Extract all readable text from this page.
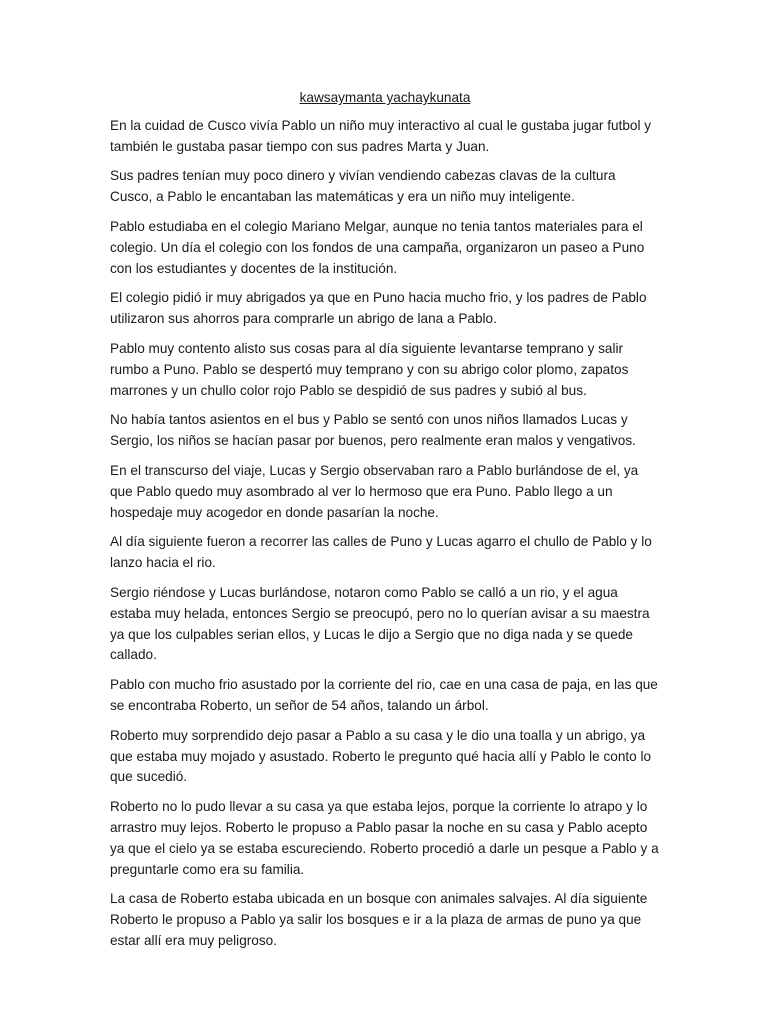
kawsaymanta yachaykunata

En la cuidad de Cusco vivía Pablo un niño muy interactivo al cual le gustaba jugar futbol y también le gustaba pasar tiempo con sus padres Marta y Juan.

Sus padres tenían muy poco dinero y vivían vendiendo cabezas clavas de la cultura Cusco, a Pablo le encantaban las matemáticas y era un niño muy inteligente.

Pablo estudiaba en el colegio Mariano Melgar, aunque no tenia tantos materiales para el colegio. Un día el colegio con los fondos de una campaña, organizaron un paseo a Puno con los estudiantes y docentes de la institución.

El colegio pidió ir muy abrigados ya que en Puno hacia mucho frio, y los padres de Pablo utilizaron sus ahorros para comprarle un abrigo de lana a Pablo.

Pablo muy contento alisto sus cosas para al día siguiente levantarse temprano y salir rumbo a Puno. Pablo se despertó muy temprano y con su abrigo color plomo, zapatos marrones y un chullo color rojo Pablo se despidió de sus padres y subió al bus.

No había tantos asientos en el bus y Pablo se sentó con unos niños llamados Lucas y Sergio, los niños se hacían pasar por buenos, pero realmente eran malos y vengativos.

En el transcurso del viaje, Lucas y Sergio observaban raro a Pablo burlándose de el, ya que Pablo quedo muy asombrado al ver lo hermoso que era Puno. Pablo llego a un hospedaje muy acogedor en donde pasarían la noche.

Al día siguiente fueron a recorrer las calles de Puno y Lucas agarro el chullo de Pablo y lo lanzo hacia el rio.

Sergio riéndose y Lucas burlándose, notaron como Pablo se calló a un rio, y el agua estaba muy helada, entonces Sergio se preocupó, pero no lo querían avisar a su maestra ya que los culpables serian ellos, y Lucas le dijo a Sergio que no diga nada y se quede callado.

Pablo con mucho frio asustado por la corriente del rio, cae en una casa de paja, en las que se encontraba Roberto, un señor de 54 años, talando un árbol.

Roberto muy sorprendido dejo pasar a Pablo a su casa y le dio una toalla y un abrigo, ya que estaba muy mojado y asustado. Roberto le pregunto qué hacia allí y Pablo le conto lo que sucedió.

Roberto no lo pudo llevar a su casa ya que estaba lejos, porque la corriente lo atrapo y lo arrastro muy lejos. Roberto le propuso a Pablo pasar la noche en su casa y Pablo acepto ya que el cielo ya se estaba escureciendo. Roberto procedió a darle un pesque a Pablo y a preguntarle como era su familia.

La casa de Roberto estaba ubicada en un bosque con animales salvajes. Al día siguiente Roberto le propuso a Pablo ya salir los bosques e ir a la plaza de armas de puno ya que estar allí era muy peligroso.
